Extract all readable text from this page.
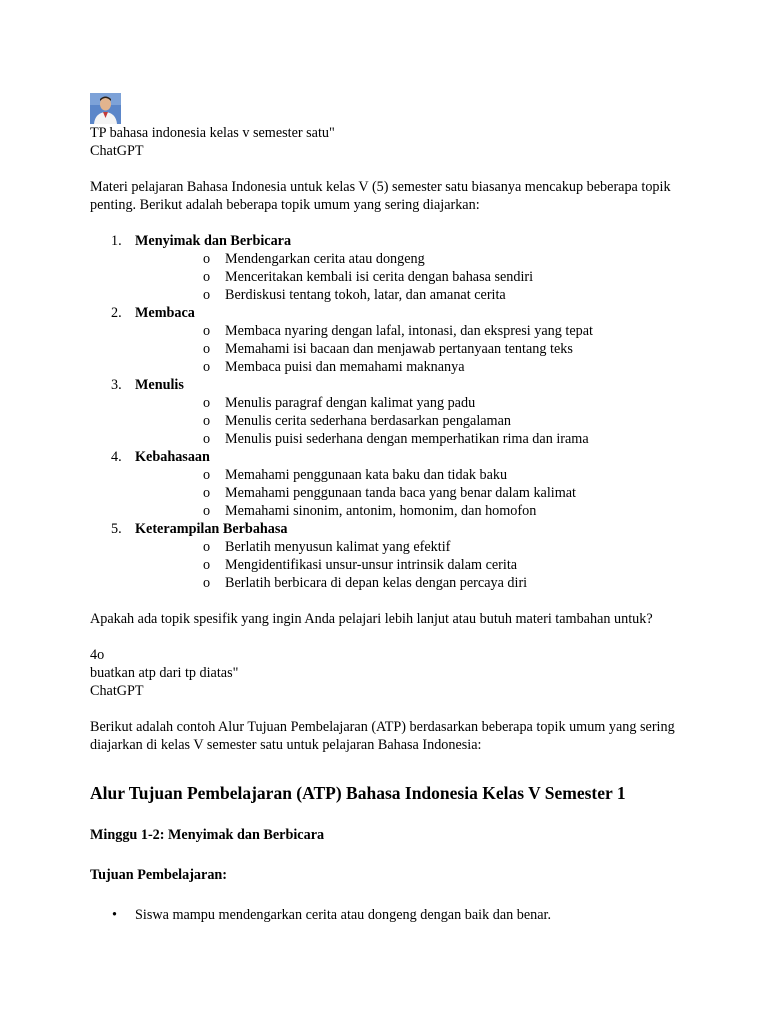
TP bahasa indonesia kelas v semester satu"

ChatGPT

Materi pelajaran Bahasa Indonesia untuk kelas V (5) semester satu biasanya mencakup beberapa topik penting. Berikut adalah beberapa topik umum yang sering diajarkan:

1. Menyimak dan Berbicara
o Mendengarkan cerita atau dongeng
o Menceritakan kembali isi cerita dengan bahasa sendiri
o Berdiskusi tentang tokoh, latar, dan amanat cerita
2. Membaca
o Membaca nyaring dengan lafal, intonasi, dan ekspresi yang tepat
o Memahami isi bacaan dan menjawab pertanyaan tentang teks
o Membaca puisi dan memahami maknanya
3. Menulis
o Menulis paragraf dengan kalimat yang padu
o Menulis cerita sederhana berdasarkan pengalaman
o Menulis puisi sederhana dengan memperhatikan rima dan irama
4. Kebahasaan
o Memahami penggunaan kata baku dan tidak baku
o Memahami penggunaan tanda baca yang benar dalam kalimat
o Memahami sinonim, antonim, homonim, dan homofon
5. Keterampilan Berbahasa
o Berlatih menyusun kalimat yang efektif
o Mengidentifikasi unsur-unsur intrinsik dalam cerita
o Berlatih berbicara di depan kelas dengan percaya diri

Apakah ada topik spesifik yang ingin Anda pelajari lebih lanjut atau butuh materi tambahan untuk?

4o

buatkan atp dari tp diatas"

ChatGPT

Berikut adalah contoh Alur Tujuan Pembelajaran (ATP) berdasarkan beberapa topik umum yang sering diajarkan di kelas V semester satu untuk pelajaran Bahasa Indonesia:

Alur Tujuan Pembelajaran (ATP) Bahasa Indonesia Kelas V Semester 1
Minggu 1-2: Menyimak dan Berbicara
Tujuan Pembelajaran:
• Siswa mampu mendengarkan cerita atau dongeng dengan baik dan benar.
